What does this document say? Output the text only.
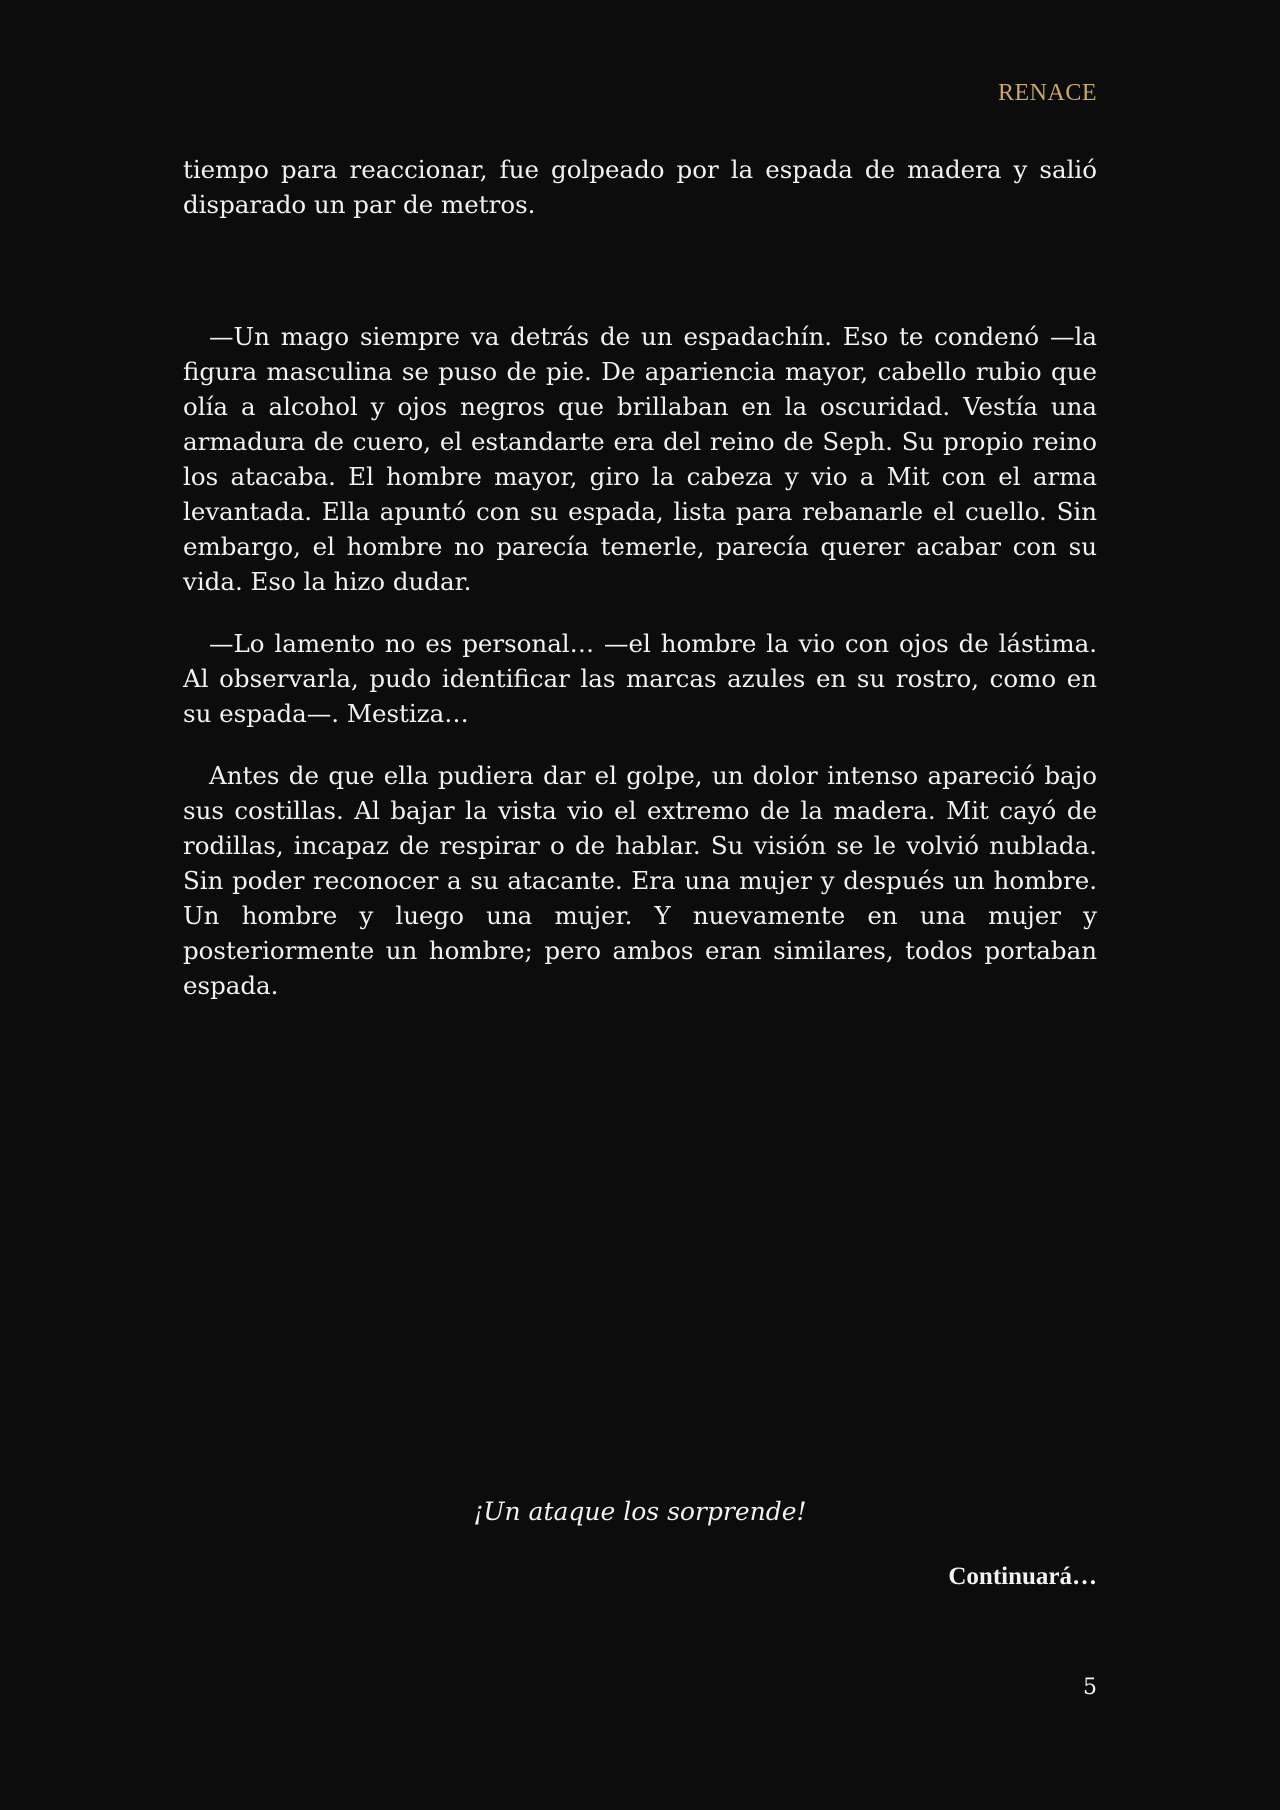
RENACE

tiempo para reaccionar, fue golpeado por la espada de madera y salió disparado un par de metros.

—Un mago siempre va detrás de un espadachín. Eso te condenó —la figura masculina se puso de pie. De apariencia mayor, cabello rubio que olía a alcohol y ojos negros que brillaban en la oscuridad. Vestía una armadura de cuero, el estandarte era del reino de Seph. Su propio reino los atacaba. El hombre mayor, giro la cabeza y vio a Mit con el arma levantada. Ella apuntó con su espada, lista para rebanarle el cuello. Sin embargo, el hombre no parecía temerle, parecía querer acabar con su vida. Eso la hizo dudar.

—Lo lamento no es personal… —el hombre la vio con ojos de lástima. Al observarla, pudo identificar las marcas azules en su rostro, como en su espada—. Mestiza…

Antes de que ella pudiera dar el golpe, un dolor intenso apareció bajo sus costillas. Al bajar la vista vio el extremo de la madera. Mit cayó de rodillas, incapaz de respirar o de hablar. Su visión se le volvió nublada. Sin poder reconocer a su atacante. Era una mujer y después un hombre. Un hombre y luego una mujer. Y nuevamente en una mujer y posteriormente un hombre; pero ambos eran similares, todos portaban espada.

¡Un ataque los sorprende!
Continuará…
5
